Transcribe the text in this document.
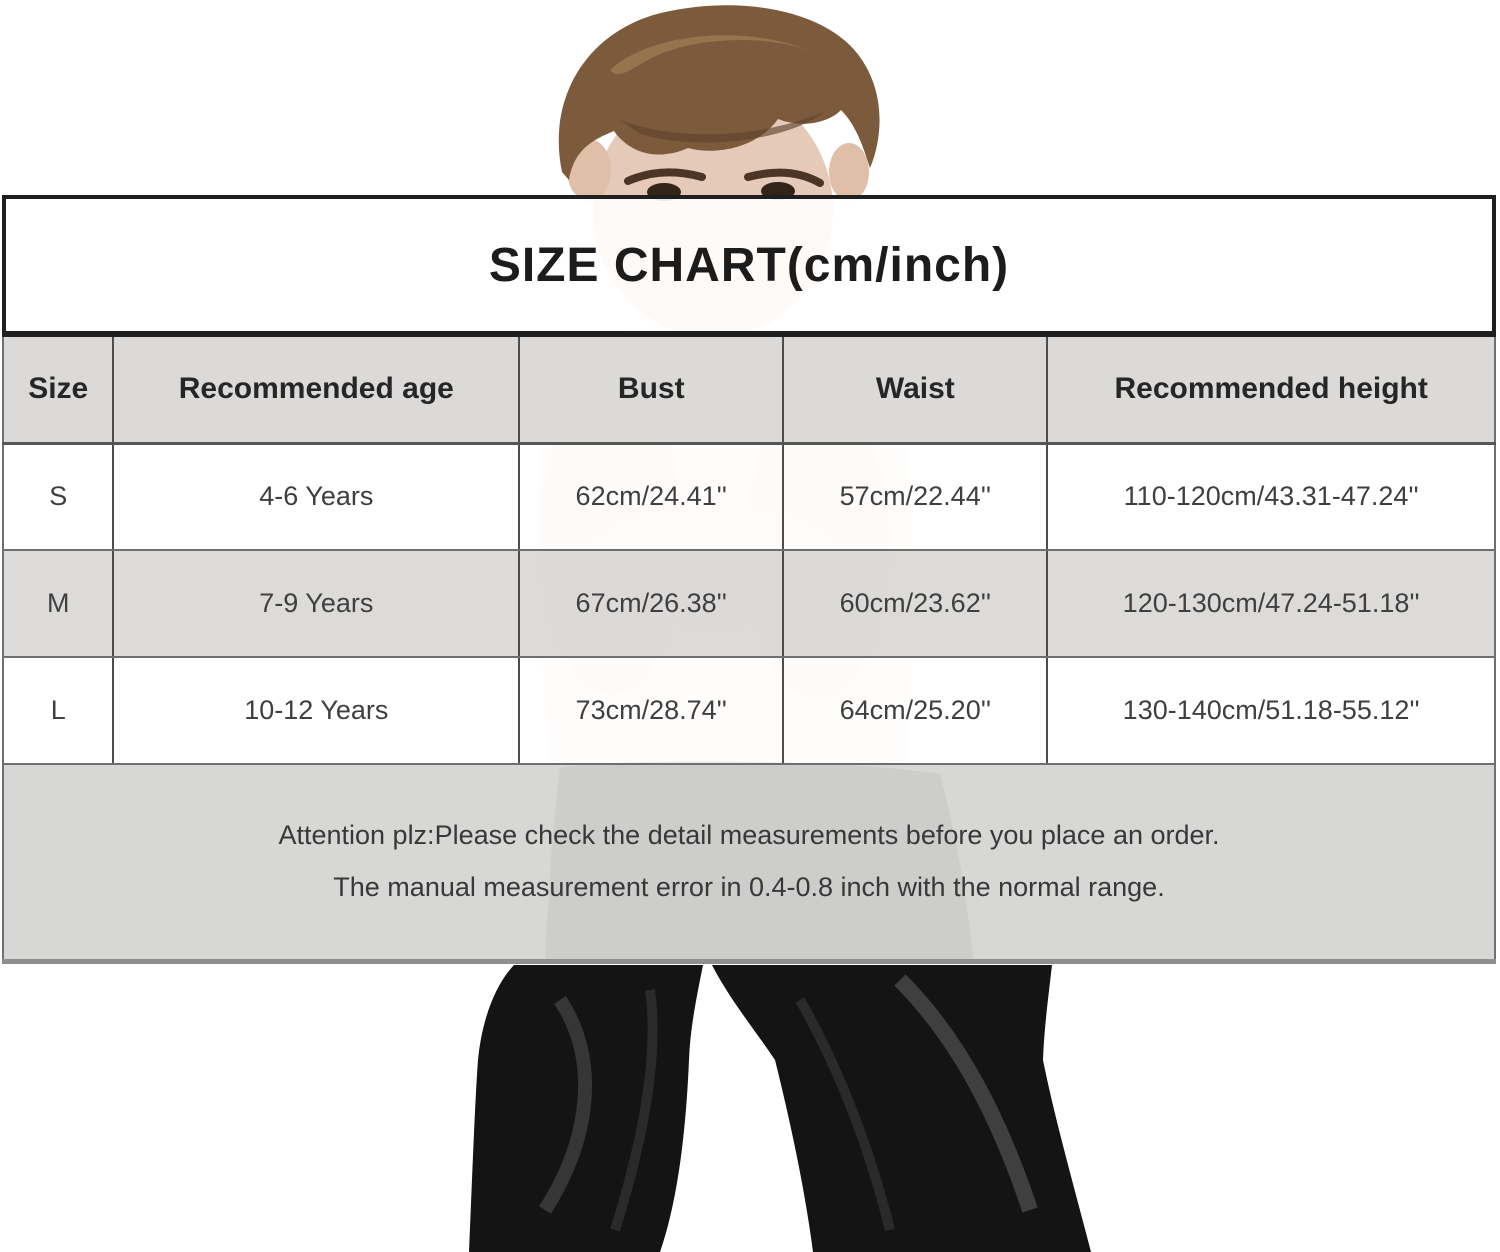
SIZE CHART(cm/inch)
Size	Recommended age	Bust	Waist	Recommended height
S	4-6 Years	62cm/24.41''	57cm/22.44''	110-120cm/43.31-47.24''
M	7-9 Years	67cm/26.38''	60cm/23.62''	120-130cm/47.24-51.18''
L	10-12 Years	73cm/28.74''	64cm/25.20''	130-140cm/51.18-55.12''

Attention plz:Please check the detail measurements before you place an order.
The manual measurement error in 0.4-0.8 inch with the normal range.				
